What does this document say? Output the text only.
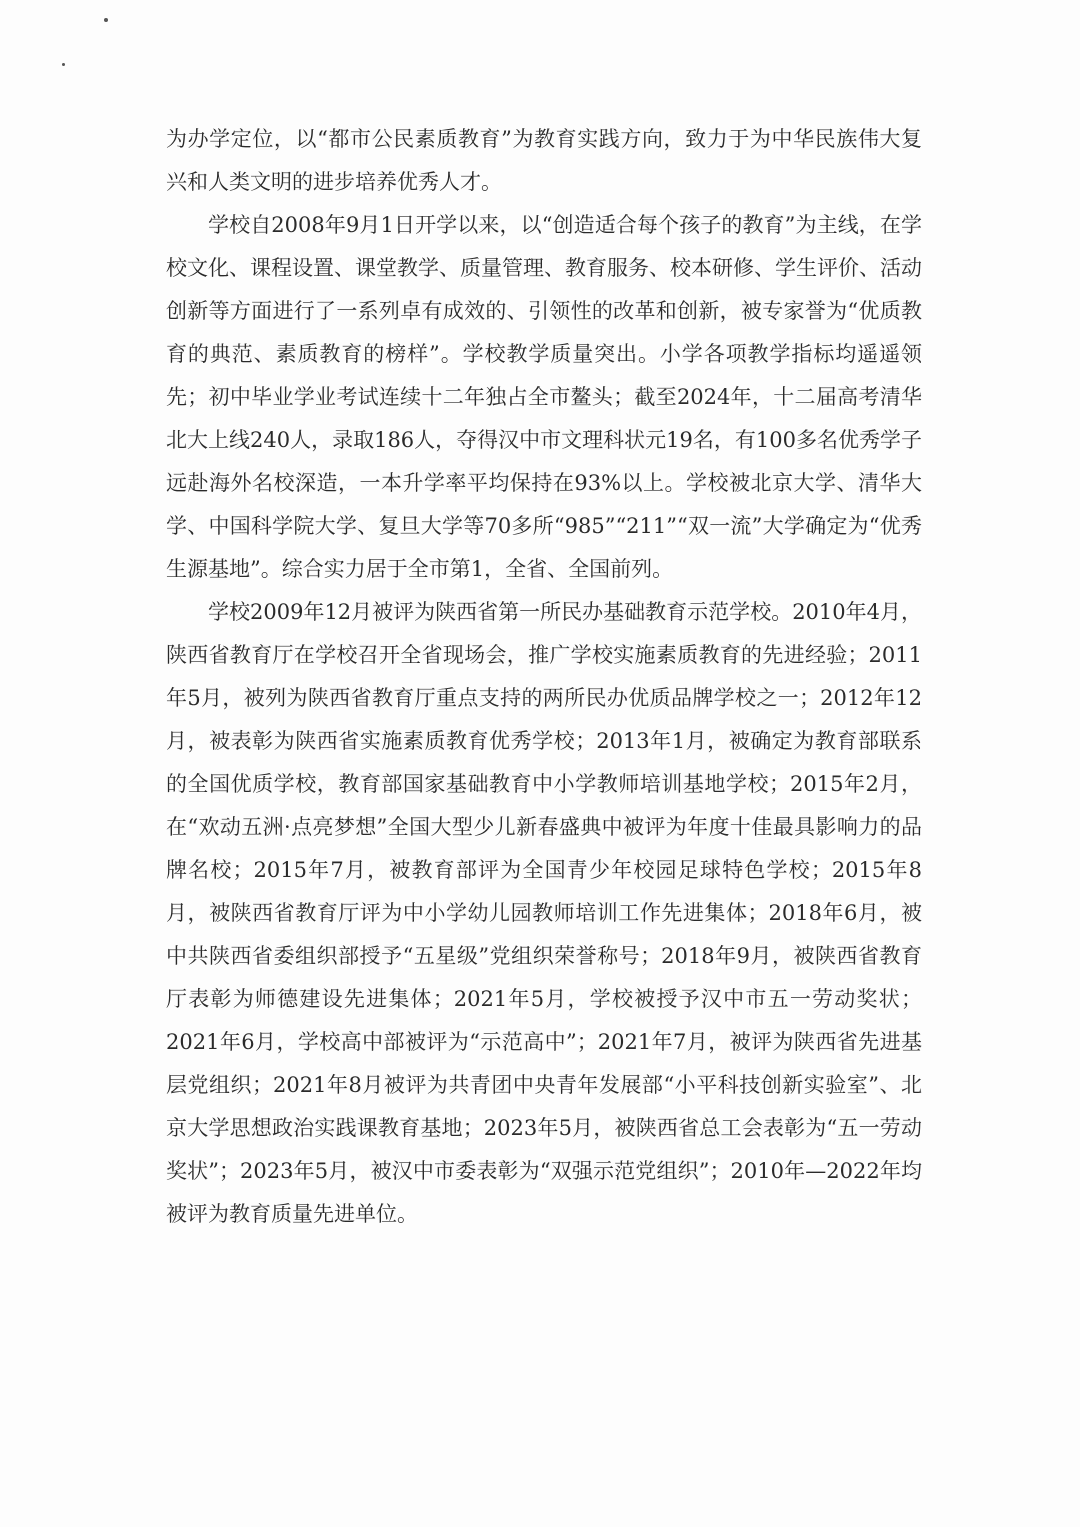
为办学定位，以“都市公民素质教育”为教育实践方向，致力于为中华民族伟大复兴和人类文明的进步培养优秀人才。

学校自2008年9月1日开学以来，以“创造适合每个孩子的教育”为主线，在学校文化、课程设置、课堂教学、质量管理、教育服务、校本研修、学生评价、活动创新等方面进行了一系列卓有成效的、引领性的改革和创新，被专家誉为“优质教育的典范、素质教育的榜样”。学校教学质量突出。小学各项教学指标均遥遥领先；初中毕业学业考试连续十二年独占全市鳌头；截至2024年，十二届高考清华北大上线240人，录取186人，夺得汉中市文理科状元19名，有100多名优秀学子远赴海外名校深造，一本升学率平均保持在93%以上。学校被北京大学、清华大学、中国科学院大学、复旦大学等70多所“985”“211”“双一流”大学确定为“优秀生源基地”。综合实力居于全市第1，全省、全国前列。

学校2009年12月被评为陕西省第一所民办基础教育示范学校。2010年4月，陕西省教育厅在学校召开全省现场会，推广学校实施素质教育的先进经验；2011年5月，被列为陕西省教育厅重点支持的两所民办优质品牌学校之一；2012年12月，被表彰为陕西省实施素质教育优秀学校；2013年1月，被确定为教育部联系的全国优质学校，教育部国家基础教育中小学教师培训基地学校；2015年2月，在“欢动五洲·点亮梦想”全国大型少儿新春盛典中被评为年度十佳最具影响力的品牌名校；2015年7月，被教育部评为全国青少年校园足球特色学校；2015年8月，被陕西省教育厅评为中小学幼儿园教师培训工作先进集体；2018年6月，被中共陕西省委组织部授予“五星级”党组织荣誉称号；2018年9月，被陕西省教育厅表彰为师德建设先进集体；2021年5月，学校被授予汉中市五一劳动奖状；2021年6月，学校高中部被评为“示范高中”；2021年7月，被评为陕西省先进基层党组织；2021年8月被评为共青团中央青年发展部“小平科技创新实验室”、北京大学思想政治实践课教育基地；2023年5月，被陕西省总工会表彰为“五一劳动奖状”；2023年5月，被汉中市委表彰为“双强示范党组织”；2010年—2022年均被评为教育质量先进单位。
